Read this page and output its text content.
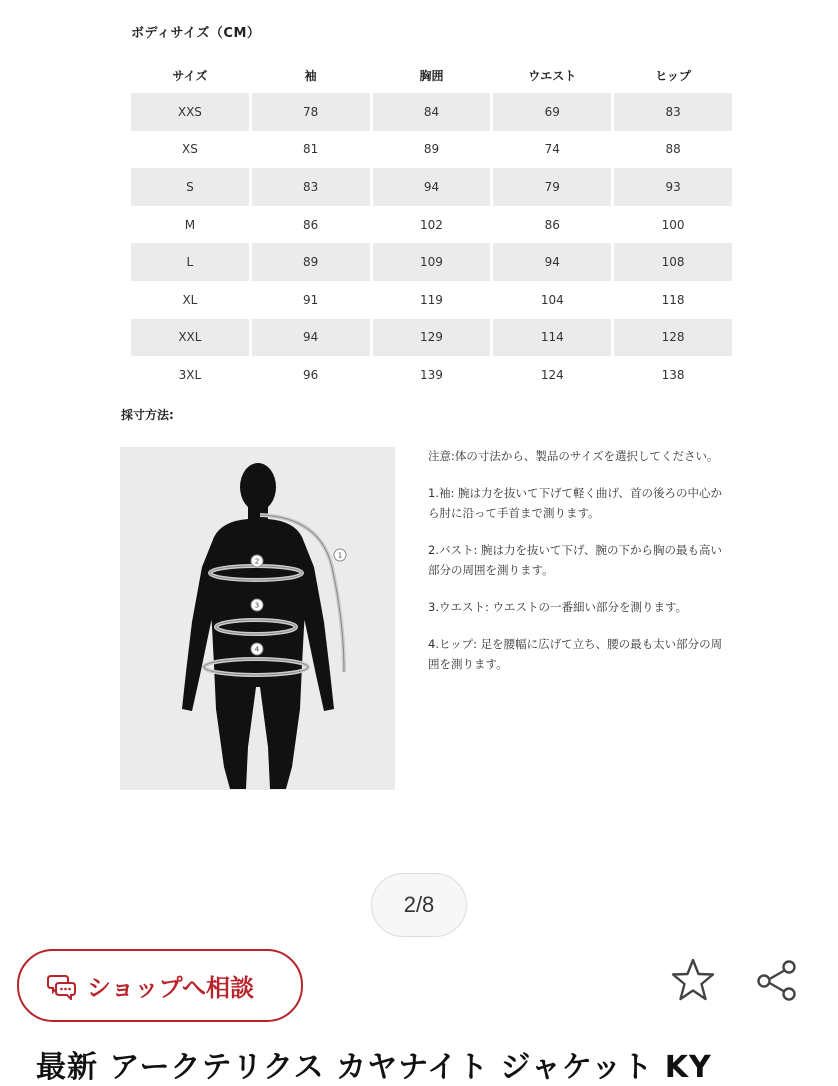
ボディサイズ（CM）
サイズ	袖	胸囲	ウエスト	ヒップ
XXS	78	84	69	83
XS	81	89	74	88
S	83	94	79	93
M	86	102	86	100
L	89	109	94	108
XL	91	119	104	118
XXL	94	129	114	128
3XL	96	139	124	138
採寸方法:
1
2
3
4

注意:体の寸法から、製品のサイズを選択してください。

1.袖: 腕は力を抜いて下げて軽く曲げ、首の後ろの中心から肘に沿って手首まで測ります。

2.バスト: 腕は力を抜いて下げ、腕の下から胸の最も高い部分の周囲を測ります。

3.ウエスト: ウエストの一番細い部分を測ります。

4.ヒップ: 足を腰幅に広げて立ち、腰の最も太い部分の周囲を測ります。

2/8
ショップへ相談
最新 アークテリクス カヤナイト ジャケット KY
